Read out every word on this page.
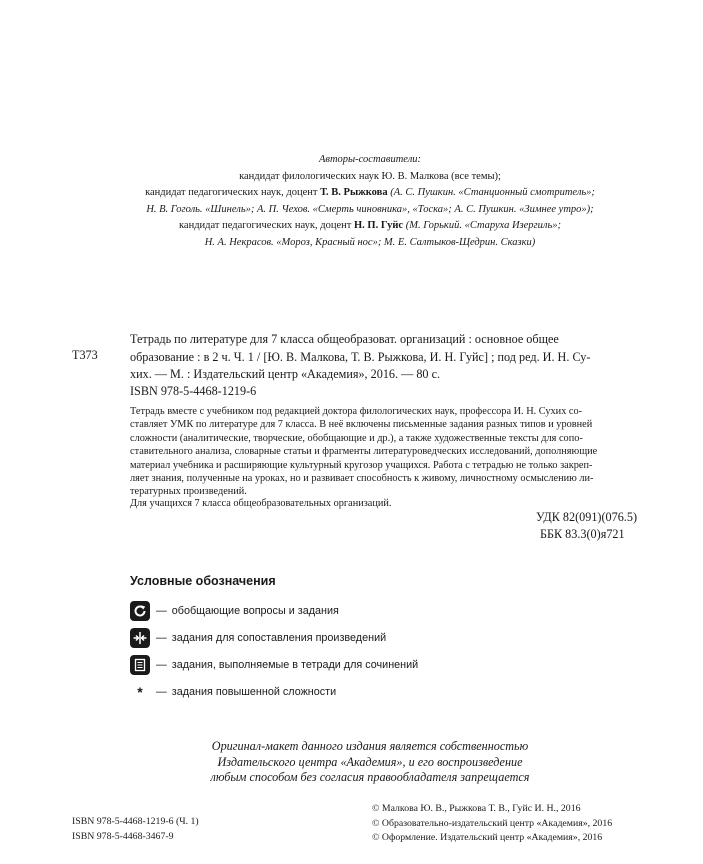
Авторы-составители:
кандидат филологических наук Ю. В. Малкова (все темы);
кандидат педагогических наук, доцент Т. В. Рыжкова (А. С. Пушкин. «Станционный смотритель»;
Н. В. Гоголь. «Шинель»; А. П. Чехов. «Смерть чиновника», «Тоска»; А. С. Пушкин. «Зимнее утро»);
кандидат педагогических наук, доцент Н. П. Гуйс (М. Горький. «Старуха Изергиль»;
Н. А. Некрасов. «Мороз, Красный нос»; М. Е. Салтыков-Щедрин. Сказки)
Т373
Тетрадь по литературе для 7 класса общеобразоват. организаций : основное общее
образование : в 2 ч. Ч. 1 / [Ю. В. Малкова, Т. В. Рыжкова, И. Н. Гуйс] ; под ред. И. Н. Су-
хих. — М. : Издательский центр «Академия», 2016. — 80 с.
ISBN 978-5-4468-1219-6
Тетрадь вместе с учебником под редакцией доктора филологических наук, профессора И. Н. Сухих со-
ставляет УМК по литературе для 7 класса. В неё включены письменные задания разных типов и уровней
сложности (аналитические, творческие, обобщающие и др.), а также художественные тексты для сопо-
ставительного анализа, словарные статьи и фрагменты литературоведческих исследований, дополняющие
материал учебника и расширяющие культурный кругозор учащихся. Работа с тетрадью не только закреп-
ляет знания, полученные на уроках, но и развивает способность к живому, личностному осмыслению ли-
тературных произведений.
Для учащихся 7 класса общеобразовательных организаций.
УДК 82(091)(076.5)
ББК 83.3(0)я721
Условные обозначения
— обобщающие вопросы и задания
— задания для сопоставления произведений
— задания, выполняемые в тетради для сочинений
*	— задания повышенной сложности
Оригинал-макет данного издания является собственностью
Издательского центра «Академия», и его воспроизведение
любым способом без согласия правообладателя запрещается
ISBN 978-5-4468-1219-6 (Ч. 1)
ISBN 978-5-4468-3467-9
© Малкова Ю. В., Рыжкова Т. В., Гуйс И. Н., 2016
© Образовательно-издательский центр «Академия», 2016
© Оформление. Издательский центр «Академия», 2016
